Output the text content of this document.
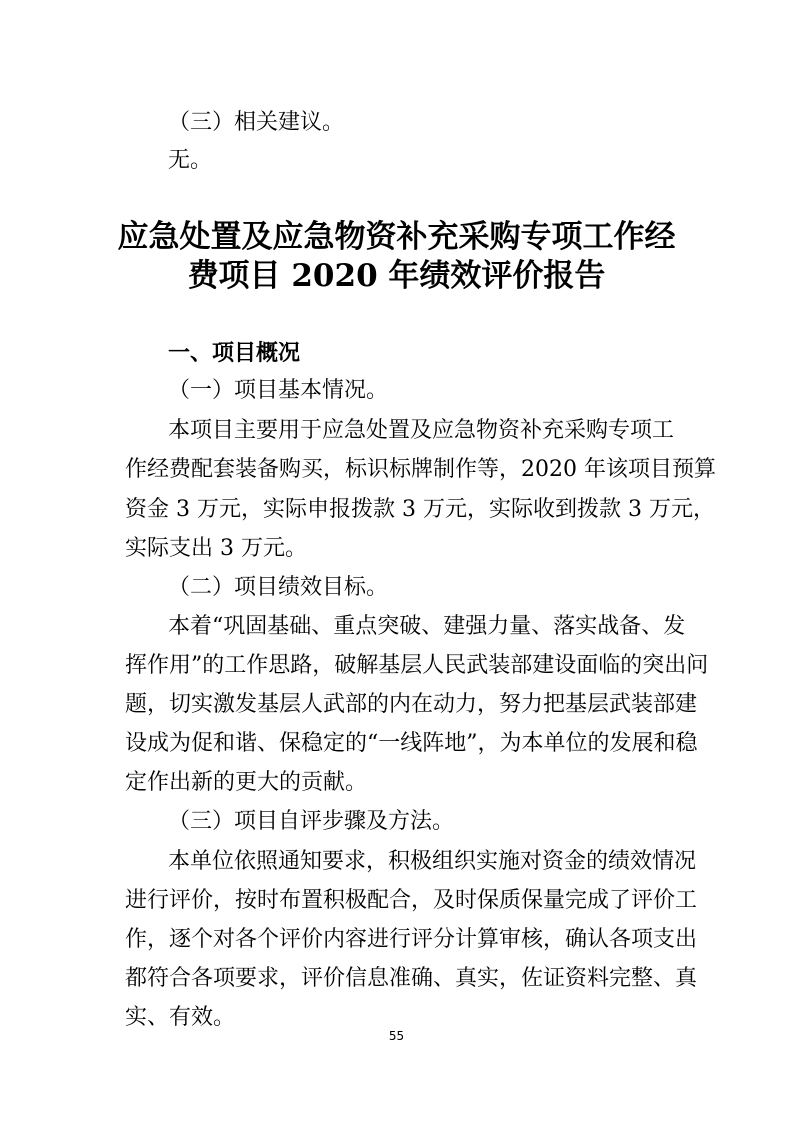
（三）相关建议。
无。
应急处置及应急物资补充采购专项工作经
费项目 2020 年绩效评价报告
一、项目概况
（一）项目基本情况。
本项目主要用于应急处置及应急物资补充采购专项工
作经费配套装备购买，标识标牌制作等，2020 年该项目预算
资金 3 万元，实际申报拨款 3 万元，实际收到拨款 3 万元，
实际支出 3 万元。
（二）项目绩效目标。
本着“巩固基础、重点突破、建强力量、落实战备、发
挥作用”的工作思路，破解基层人民武装部建设面临的突出问
题，切实激发基层人武部的内在动力，努力把基层武装部建
设成为促和谐、保稳定的“一线阵地”，为本单位的发展和稳
定作出新的更大的贡献。
（三）项目自评步骤及方法。
本单位依照通知要求，积极组织实施对资金的绩效情况
进行评价，按时布置积极配合，及时保质保量完成了评价工
作，逐个对各个评价内容进行评分计算审核，确认各项支出
都符合各项要求，评价信息准确、真实，佐证资料完整、真
实、有效。
55
